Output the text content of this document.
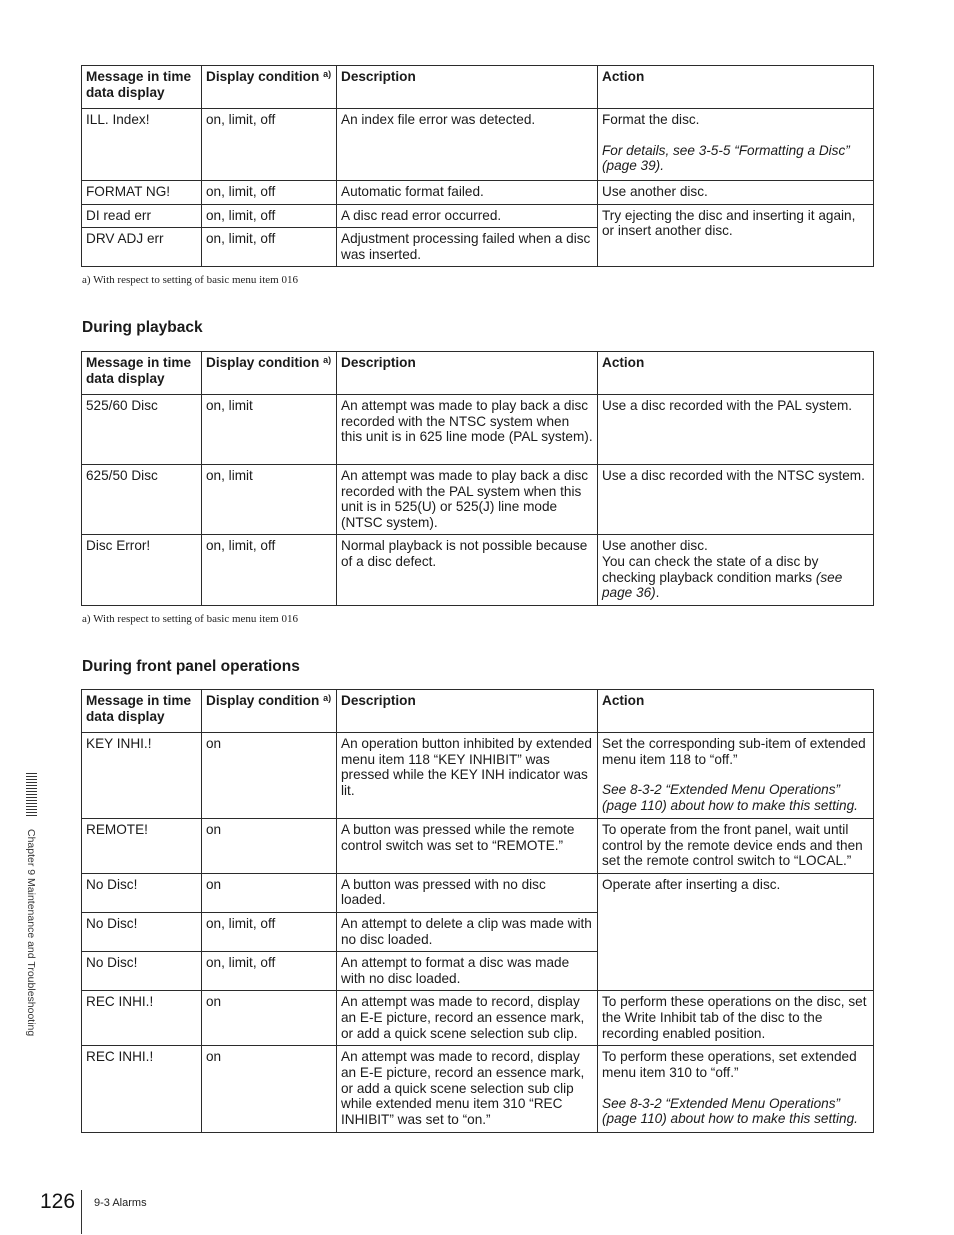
Message in time data display	Display condition $^{a)}$	Description	Action
ILL. Index!	on, limit, off	An index file error was detected.	Format the disc.
For details, see 3-5-5 “Formatting a Disc” (page 39).
FORMAT NG!	on, limit, off	Automatic format failed.	Use another disc.
DI read err	on, limit, off	A disc read error occurred.	Try ejecting the disc and inserting it again, or insert another disc.
DRV ADJ err	on, limit, off	Adjustment processing failed when a disc was inserted.	
a) With respect to setting of basic menu item 016
During playback
Message in time data display	Display condition $^{a)}$	Description	Action
525/60 Disc	on, limit	An attempt was made to play back a disc recorded with the NTSC system when this unit is in 625 line mode (PAL system).	Use a disc recorded with the PAL system.
625/50 Disc	on, limit	An attempt was made to play back a disc recorded with the PAL system when this unit is in 525(U) or 525(J) line mode (NTSC system).	Use a disc recorded with the NTSC system.
Disc Error!	on, limit, off	Normal playback is not possible because of a disc defect.	Use another disc.
You can check the state of a disc by checking playback condition marks (see page 36).
a) With respect to setting of basic menu item 016
During front panel operations
Message in time data display	Display condition $^{a)}$	Description	Action
KEY INHI.!	on	An operation button inhibited by extended menu item 118 “KEY INHIBIT” was pressed while the KEY INH indicator was lit.	Set the corresponding sub-item of extended menu item 118 to “off.”
See 8-3-2 “Extended Menu Operations” (page 110) about how to make this setting.
REMOTE!	on	A button was pressed while the remote control switch was set to “REMOTE.”	To operate from the front panel, wait until control by the remote device ends and then set the remote control switch to “LOCAL.”
No Disc!	on	A button was pressed with no disc loaded.	Operate after inserting a disc.
No Disc!	on, limit, off	An attempt to delete a clip was made with no disc loaded.	
No Disc!	on, limit, off	An attempt to format a disc was made with no disc loaded.	
REC INHI.!	on	An attempt was made to record, display an E-E picture, record an essence mark, or add a quick scene selection sub clip.	To perform these operations on the disc, set the Write Inhibit tab of the disc to the recording enabled position.
REC INHI.!	on	An attempt was made to record, display an E-E picture, record an essence mark, or add a quick scene selection sub clip while extended menu item 310 “REC INHIBIT” was set to “on.”	To perform these operations, set extended menu item 310 to “off.”
See 8-3-2 “Extended Menu Operations” (page 110) about how to make this setting.
Chapter 9 Maintenance and Troubleshooting
126 9-3 Alarms
